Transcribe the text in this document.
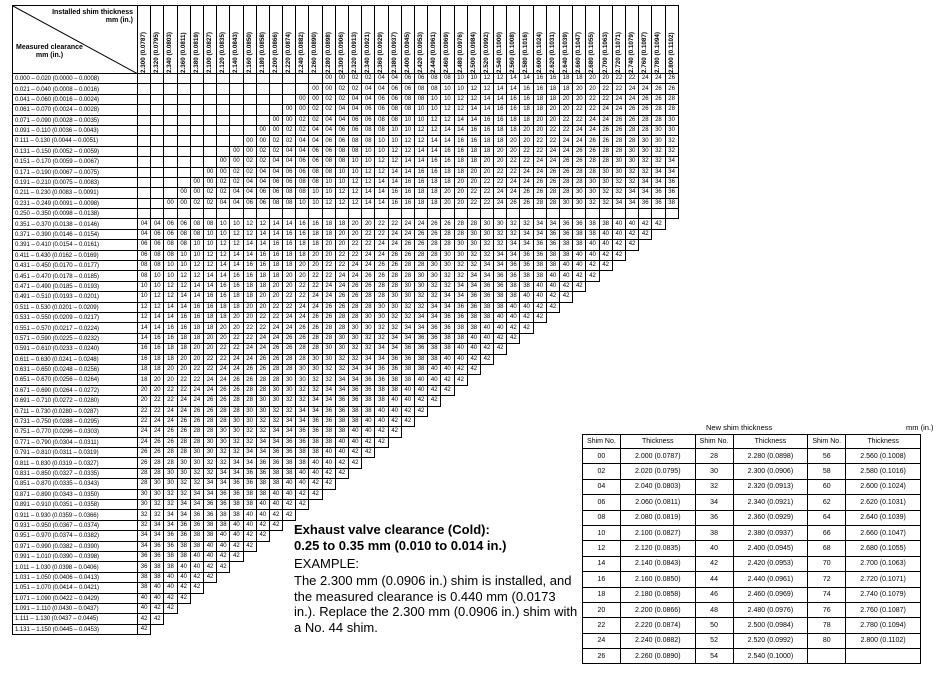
Installed shim thickness
mm (in.)
Measured clearance
mm (in.)	2.300 (0.0787)	2.320 (0.0795)	2.340 (0.0803)	2.360 (0.0811)	2.380 (0.0819)	2.100 (0.0827)	2.120 (0.0835)	2.140 (0.0843)	2.160 (0.0850)	2.180 (0.0858)	2.200 (0.0866)	2.220 (0.0874)	2.240 (0.0882)	2.260 (0.0890)	2.280 (0.0898)	2.300 (0.0906)	2.320 (0.0913)	2.340 (0.0921)	2.360 (0.0929)	2.380 (0.0937)	2.400 (0.0945)	2.420 (0.0953)	2.440 (0.0961)	2.460 (0.0969)	2.480 (0.0976)	2.500 (0.0984)	2.520 (0.0992)	2.540 (0.1000)	2.560 (0.1008)	2.580 (0.1016)	2.600 (0.1024)	2.620 (0.1031)	2.640 (0.1039)	2.660 (0.1047)	2.680 (0.1055)	2.700 (0.1063)	2.720 (0.1071)	2.740 (0.1079)	2.760 (0.1087)	2.780 (0.1094)	2.800 (0.1102)

0.000 – 0.020 (0.0000 – 0.0008)															00	00	02	02	04	04	06	06	08	08	10	10	12	12	14	14	16	16	18	18	20	20	22	22	24	24	26
0.021 – 0.040 (0.0008 – 0.0016)														00	00	02	02	04	04	06	06	08	08	10	10	12	12	14	14	16	16	18	18	20	20	22	22	24	24	26	26
0.041 – 0.060 (0.0016 – 0.0024)													00	00	02	02	04	04	06	06	08	08	10	10	12	12	14	14	16	16	18	18	20	20	22	22	24	24	26	26	28
0.061 – 0.070 (0.0024 – 0.0028)												00	00	02	02	04	04	06	06	08	08	10	10	12	12	14	14	16	16	18	18	20	20	22	22	24	24	26	26	28	28
0.071 – 0.090 (0.0028 – 0.0035)											00	00	02	02	04	04	06	06	08	08	10	10	12	12	14	14	16	16	18	18	20	20	22	22	24	24	26	26	28	28	30
0.091 – 0.110 (0.0036 – 0.0043)										00	00	02	02	04	04	06	06	08	08	10	10	12	12	14	14	16	16	18	18	20	20	22	22	24	24	26	26	28	28	30	30
0.111 – 0.130 (0.0044 – 0.0051)									00	00	02	02	04	04	06	06	08	08	10	10	12	12	14	14	16	16	18	18	20	20	22	22	24	24	26	26	28	28	30	30	32
0.131 – 0.150 (0.0052 – 0.0059)								00	00	02	02	04	04	06	06	08	08	10	10	12	12	14	14	16	16	18	18	20	20	22	22	24	24	26	26	28	28	30	30	32	32
0.151 – 0.170 (0.0059 – 0.0067)							00	00	02	02	04	04	06	06	08	08	10	10	12	12	14	14	16	16	18	18	20	20	22	22	24	24	26	26	28	28	30	30	32	32	34
0.171 – 0.190 (0.0067 – 0.0075)						00	00	02	02	04	04	06	06	08	08	10	10	12	12	14	14	16	16	18	18	20	20	22	22	24	24	26	26	28	28	30	30	32	32	34	34
0.191 – 0.210 (0.0075 – 0.0083)					00	00	02	02	04	04	06	06	08	08	10	10	12	12	14	14	16	16	18	18	20	20	22	22	24	24	26	26	28	28	30	30	32	32	34	34	36
0.211 – 0.230 (0.0083 – 0.0091)				00	00	02	02	04	04	06	06	08	08	10	10	12	12	14	14	16	16	18	18	20	20	22	22	24	24	26	26	28	28	30	30	32	32	34	34	36	36
0.231 – 0.249 (0.0091 – 0.0098)			00	00	02	02	04	04	06	06	08	08	10	10	12	12	12	14	14	16	16	18	18	20	20	22	22	24	26	26	28	28	30	30	32	32	34	34	36	36	38
0.250 – 0.350 (0.0098 – 0.0138)																																									
0.351 – 0.370 (0.0138 – 0.0146)	04	04	06	06	08	08	10	10	12	12	14	14	16	16	18	18	20	20	22	22	24	24	26	26	28	28	30	30	32	32	34	34	36	36	38	38	40	40	42	42	
0.371 – 0.390 (0.0146 – 0.0154)	04	06	06	08	08	10	10	12	12	14	14	16	16	18	18	20	20	22	22	24	24	26	26	28	28	30	30	32	32	34	34	36	36	38	38	40	40	42	42		
0.391 – 0.410 (0.0154 – 0.0161)	06	06	08	08	10	10	12	12	14	14	16	16	18	18	20	20	22	22	24	24	26	26	28	28	30	30	32	32	34	34	36	36	38	38	40	40	42	42			
0.411 – 0.430 (0.0162 – 0.0169)	06	08	08	10	10	12	12	14	14	16	16	18	18	20	20	22	22	24	24	26	26	28	28	30	30	32	32	34	34	36	36	38	38	40	40	42	42				
0.431 – 0.450 (0.0170 – 0.0177)	08	08	10	10	12	12	14	14	16	16	18	18	20	20	22	22	24	24	26	26	28	28	30	30	32	32	34	34	36	36	38	38	40	40	42	42					
0.451 – 0.470 (0.0178 – 0.0185)	08	10	10	12	12	14	14	16	16	18	18	20	20	22	22	24	24	26	26	28	28	30	30	32	32	34	34	36	36	38	38	40	40	42	42						
0.471 – 0.490 (0.0185 – 0.0193)	10	10	12	12	14	14	16	16	18	18	20	20	22	22	24	24	26	26	28	28	30	30	32	32	34	34	36	36	38	38	40	40	42	42							
0.491 – 0.510 (0.0193 – 0.0201)	10	12	12	14	14	16	16	18	18	20	20	22	22	24	24	26	26	28	28	30	30	32	32	34	34	36	36	38	38	40	40	42	42								
0.511 – 0.530 (0.0201 – 0.0209)	12	12	14	14	16	16	18	18	20	20	22	22	24	24	26	26	28	28	30	30	32	32	34	34	36	36	38	38	40	40	42	42									
0.531 – 0.550 (0.0209 – 0.0217)	12	14	14	16	16	18	18	20	20	22	22	24	24	26	26	28	28	30	30	32	32	34	34	36	36	38	38	40	40	42	42										
0.551 – 0.570 (0.0217 – 0.0224)	14	14	16	16	18	18	20	20	22	22	24	24	26	26	28	28	30	30	32	32	34	34	36	36	38	38	40	40	42	42											
0.571 – 0.590 (0.0225 – 0.0232)	14	16	16	18	18	20	20	22	22	24	24	26	26	28	28	30	30	32	32	34	34	36	36	38	38	40	40	42	42												
0.591 – 0.610 (0.0233 – 0.0240)	16	16	18	18	20	20	22	22	24	24	26	26	28	28	30	30	32	32	34	34	36	36	38	38	40	40	42	42													
0.611 – 0.630 (0.0241 – 0.0248)	16	18	18	20	20	22	22	24	24	26	26	28	28	30	30	32	32	34	34	36	36	38	38	40	40	42	42														
0.631 – 0.650 (0.0248 – 0.0256)	18	18	20	20	22	22	24	24	26	26	28	28	30	30	32	32	34	34	36	36	38	38	40	40	42	42															
0.651 – 0.670 (0.0256 – 0.0264)	18	20	20	22	22	24	24	26	26	28	28	30	30	32	32	34	34	36	36	38	38	40	40	42	42																
0.671 – 0.690 (0.0264 – 0.0272)	20	20	22	22	24	24	26	26	28	28	30	30	32	32	34	34	36	36	38	38	40	40	42	42																	
0.691 – 0.710 (0.0272 – 0.0280)	20	22	22	24	24	26	26	28	28	30	30	32	32	34	34	36	36	38	38	40	40	42	42																		
0.711 – 0.730 (0.0280 – 0.0287)	22	22	24	24	26	26	28	28	30	30	32	32	34	34	36	36	38	38	40	40	42	42																			
0.731 – 0.750 (0.0288 – 0.0295)	22	24	24	26	26	28	28	30	30	32	32	34	34	36	36	38	38	40	40	42	42																				
0.751 – 0.770 (0.0296 – 0.0303)	24	24	26	26	28	28	30	30	32	32	34	34	36	36	38	38	40	40	42	42																					
0.771 – 0.790 (0.0304 – 0.0311)	24	26	26	28	28	30	30	32	32	34	34	36	36	38	38	40	40	42	42																						
0.791 – 0.810 (0.0311 – 0.0319)	26	26	28	28	30	30	32	32	34	34	36	36	38	38	40	40	42	42																							
0.811 – 0.830 (0.0319 – 0.0327)	26	28	28	30	30	32	32	34	34	36	36	38	38	40	40	42	42																								
0.831 – 0.850 (0.0327 – 0.0335)	28	28	30	30	32	32	34	34	36	36	38	38	40	40	42	42																									
0.851 – 0.870 (0.0335 – 0.0343)	28	30	30	32	32	34	34	36	36	38	38	40	40	42	42																										
0.871 – 0.890 (0.0343 – 0.0350)	30	30	32	32	34	34	36	36	38	38	40	40	42	42																											
0.891 – 0.910 (0.0351 – 0.0358)	30	32	32	34	34	36	36	38	38	40	40	42	42																												
0.911 – 0.930 (0.0359 – 0.0366)	32	32	34	34	36	36	38	38	40	40	42	42																													
0.931 – 0.950 (0.0367 – 0.0374)	32	34	34	36	36	38	38	40	40	42	42																														
0.951 – 0.970 (0.0374 – 0.0382)	34	34	36	36	38	38	40	40	42	42																															
0.971 – 0.990 (0.0382 – 0.0390)	34	36	36	38	38	40	40	42	42																																
0.991 – 1.010 (0.0390 – 0.0398)	36	36	38	38	40	40	42	42																																	
1.011 – 1.030 (0.0398 – 0.0406)	36	38	38	40	40	42	42																																		
1.031 – 1.050 (0.0406 – 0.0413)	38	38	40	40	42	42																																			
1.051 – 1.070 (0.0414 – 0.0421)	38	40	40	42	42																																				
1.071 – 1.090 (0.0422 – 0.0429)	40	40	42	42																																					
1.091 – 1.110 (0.0430 – 0.0437)	40	42	42																																						
1.111 – 1.130 (0.0437 – 0.0445)	42	42																																							
1.131 – 1.150 (0.0445 – 0.0453)	42																																								
Exhaust valve clearance (Cold):
0.25 to 0.35 mm (0.010 to 0.014 in.)
EXAMPLE:
The 2.300 mm (0.0906 in.) shim is installed, and the measured clearance is 0.440 mm (0.0173 in.). Replace the 2.300 mm (0.0906 in.) shim with a No. 44 shim.
New shim thickness	mm (in.)
Shim No.	Thickness	Shim No.	Thickness	Shim No.	Thickness
00	2.000 (0.0787)	28	2.280 (0.0898)	56	2.560 (0.1008)
02	2.020 (0.0795)	30	2.300 (0.0906)	58	2.580 (0.1016)
04	2.040 (0.0803)	32	2.320 (0.0913)	60	2.600 (0.1024)
06	2.060 (0.0811)	34	2.340 (0.0921)	62	2.620 (0.1031)
08	2.080 (0.0819)	36	2.360 (0.0929)	64	2.640 (0.1039)
10	2.100 (0.0827)	38	2.380 (0.0937)	66	2.660 (0.1047)
12	2.120 (0.0835)	40	2.400 (0.0945)	68	2.680 (0.1055)
14	2.140 (0.0843)	42	2.420 (0.0953)	70	2.700 (0.1063)
16	2.160 (0.0850)	44	2.440 (0.0961)	72	2.720 (0.1071)
18	2.180 (0.0858)	46	2.460 (0.0969)	74	2.740 (0.1079)
20	2.200 (0.0866)	48	2.480 (0.0976)	76	2.760 (0.1087)
22	2.220 (0.0874)	50	2.500 (0.0984)	78	2.780 (0.1094)
24	2.240 (0.0882)	52	2.520 (0.0992)	80	2.800 (0.1102)
26	2.260 (0.0890)	54	2.540 (0.1000)		
